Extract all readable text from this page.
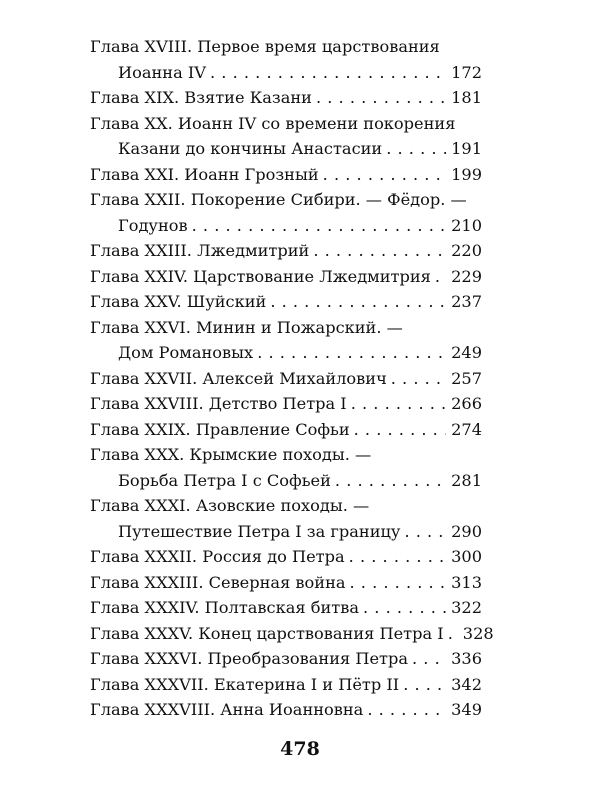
Глава XVIII. Первое время царствования
Иоанна IV . . .	172
Глава XIX. Взятие Казани . . .	181
Глава XX. Иоанн IV со времени покорения
Казани до кончины Анастасии . . .	191
Глава XXI. Иоанн Грозный . . .	199
Глава XXII. Покорение Сибири. — Фёдор. —
Годунов . . .	210
Глава XXIII. Лжедмитрий . . .	220
Глава XXIV. Царствование Лжедмитрия . . . 229
Глава XXV. Шуйский . . .	237
Глава XXVI. Минин и Пожарский. —
Дом Романовых . . .	249
Глава XXVII. Алексей Михайлович . . .	257
Глава XXVIII. Детство Петра I . . .	266
Глава XXIX. Правление Софьи . . .	274
Глава XXX. Крымские походы. —
Борьба Петра I с Софьей . . .	281
Глава XXXI. Азовские походы. —
Путешествие Петра I за границу . . .	290
Глава XXXII. Россия до Петра . . .	300
Глава XXXIII. Северная война . . .	313
Глава XXXIV. Полтавская битва . . .	322
Глава XXXV. Конец царствования Петра I . . . 328
Глава XXXVI. Преобразования Петра . . .	336
Глава XXXVII. Екатерина I и Пётр II . . .	342
Глава XXXVIII. Анна Иоанновна . . .	349
478
